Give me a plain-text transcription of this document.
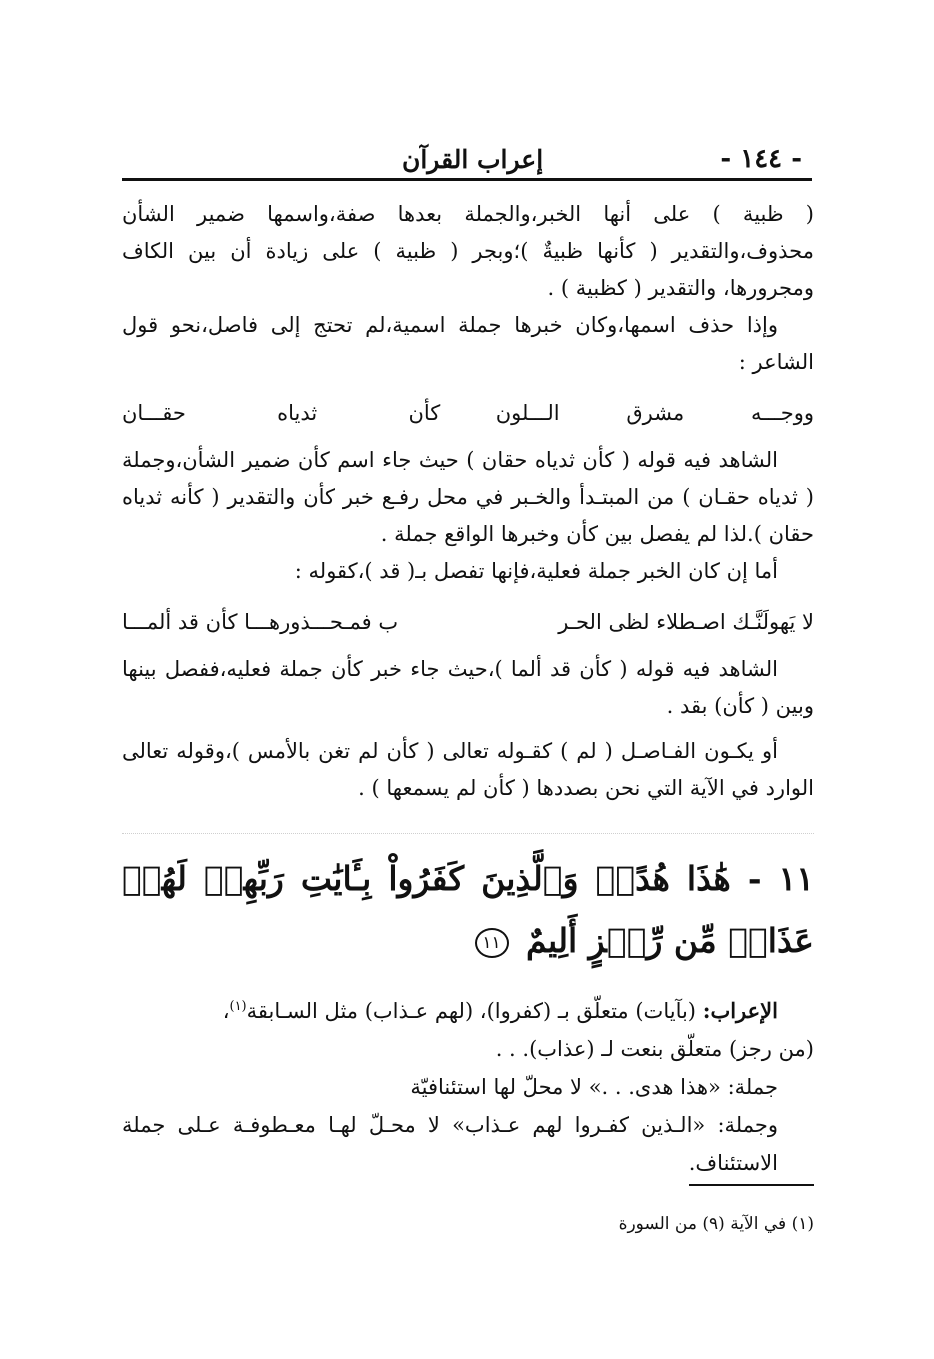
- ١٤٤ -
إعراب القرآن

( ظبية ) على أنها الخبر،والجملة بعدها صفة،واسمها ضمير الشأن محذوف،والتقدير ( كأنها ظبيةٌ )؛وبجر ( ظبية ) على زيادة أن بين الكاف ومجرورها، والتقدير ( كظبية ) .

وإذا حذف اسمها،وكان خبرها جملة اسمية،لم تحتج إلى فاصل،نحو قول الشاعر :

ووجـــه
مشرق
الـــلون
كأن
ثدياه
حقـــان

الشاهد فيه قوله ( كأن ثدياه حقان ) حيث جاء اسم كأن ضمير الشأن،وجملة ( ثدياه حقـان ) من المبتـدأ والخـبر في محل رفـع خبر كأن والتقدير ( كأنه ثدياه حقان ).لذا لم يفصل بين كأن وخبرها الواقع جملة .

أما إن كان الخبر جملة فعلية،فإنها تفصل بـ( قد )،كقوله :

لا يَهولَنَّـك اصـطلاء لظى الحـر
ب فمـحـــذورهـــا كأن قد ألمـــا

الشاهد فيه قوله ( كأن قد ألما )،حيث جاء خبر كأن جملة فعليه،ففصل بينها وبين ( كأن) بقد .

أو يكـون الفـاصـل ( لم ) كقـوله تعالى ( كأن لم تغن بالأمس )،وقوله تعالى الوارد في الآية التي نحن بصددها ( كأن لم يسمعها ) .

١١ - هَٰذَا هُدًىۖ وَٱلَّذِينَ كَفَرُواْ بِـَٔايَٰتِ رَبِّهِمۡ لَهُمۡ عَذَابٞ مِّن رِّجۡزٍ أَلِيمٌ ١١

الإعراب: (بآيات) متعلّق بـ (كفروا)، (لهم عـذاب) مثل السـابقة$^{(١)}$،

(من رجز) متعلّق بنعت لـ (عذاب). . .

جملة: «هذا هدى. . .» لا محلّ لها استئنافيّة

وجملة: «الـذين كفـروا لهم عـذاب» لا محـلّ لهـا معـطوفـة عـلى جملة الاستئناف.

(١) في الآية (٩) من السورة
